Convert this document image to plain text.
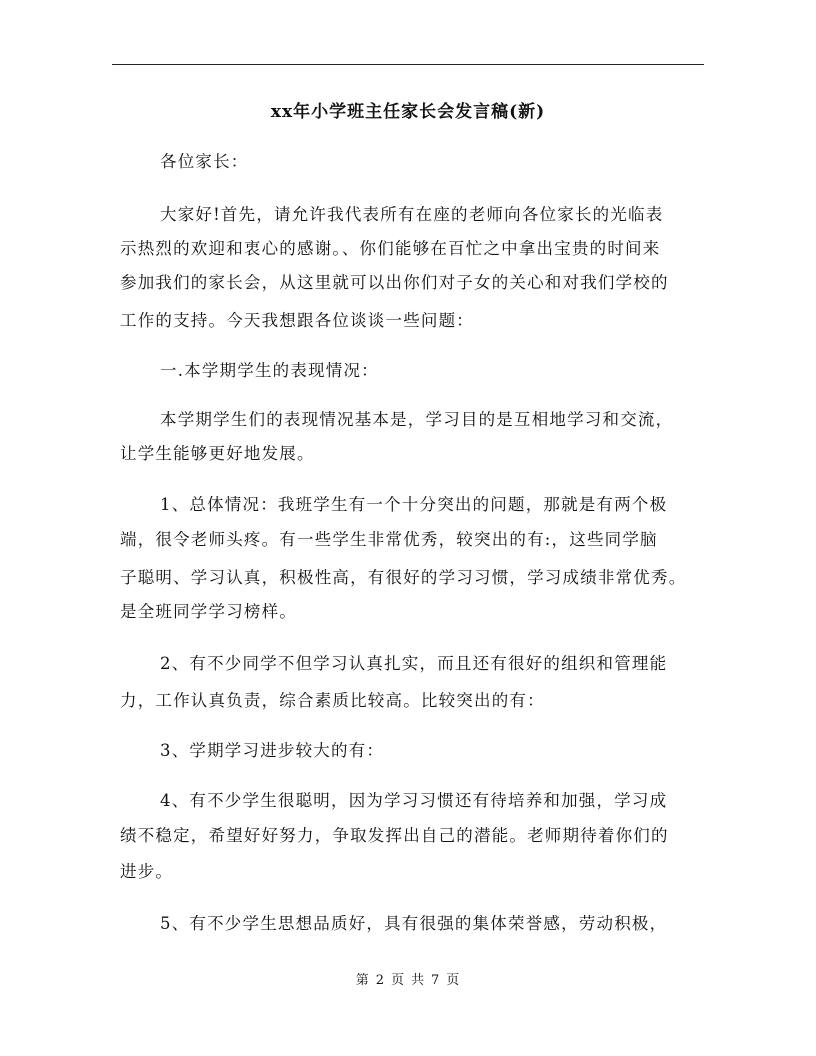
xx年小学班主任家长会发言稿(新)
各位家长：
大家好!首先，请允许我代表所有在座的老师向各位家长的光临表
示热烈的欢迎和衷心的感谢。、你们能够在百忙之中拿出宝贵的时间来
参加我们的家长会，从这里就可以出你们对子女的关心和对我们学校的
工作的支持。今天我想跟各位谈谈一些问题：
一.本学期学生的表现情况：
本学期学生们的表现情况基本是，学习目的是互相地学习和交流，
让学生能够更好地发展。
1、总体情况：我班学生有一个十分突出的问题，那就是有两个极
端，很令老师头疼。有一些学生非常优秀，较突出的有:，这些同学脑
子聪明、学习认真，积极性高，有很好的学习习惯，学习成绩非常优秀。
是全班同学学习榜样。
2、有不少同学不但学习认真扎实，而且还有很好的组织和管理能
力，工作认真负责，综合素质比较高。比较突出的有：
3、学期学习进步较大的有：
4、有不少学生很聪明，因为学习习惯还有待培养和加强，学习成
绩不稳定，希望好好努力，争取发挥出自己的潜能。老师期待着你们的
进步。
5、有不少学生思想品质好，具有很强的集体荣誉感，劳动积极，
第 2 页 共 7 页
